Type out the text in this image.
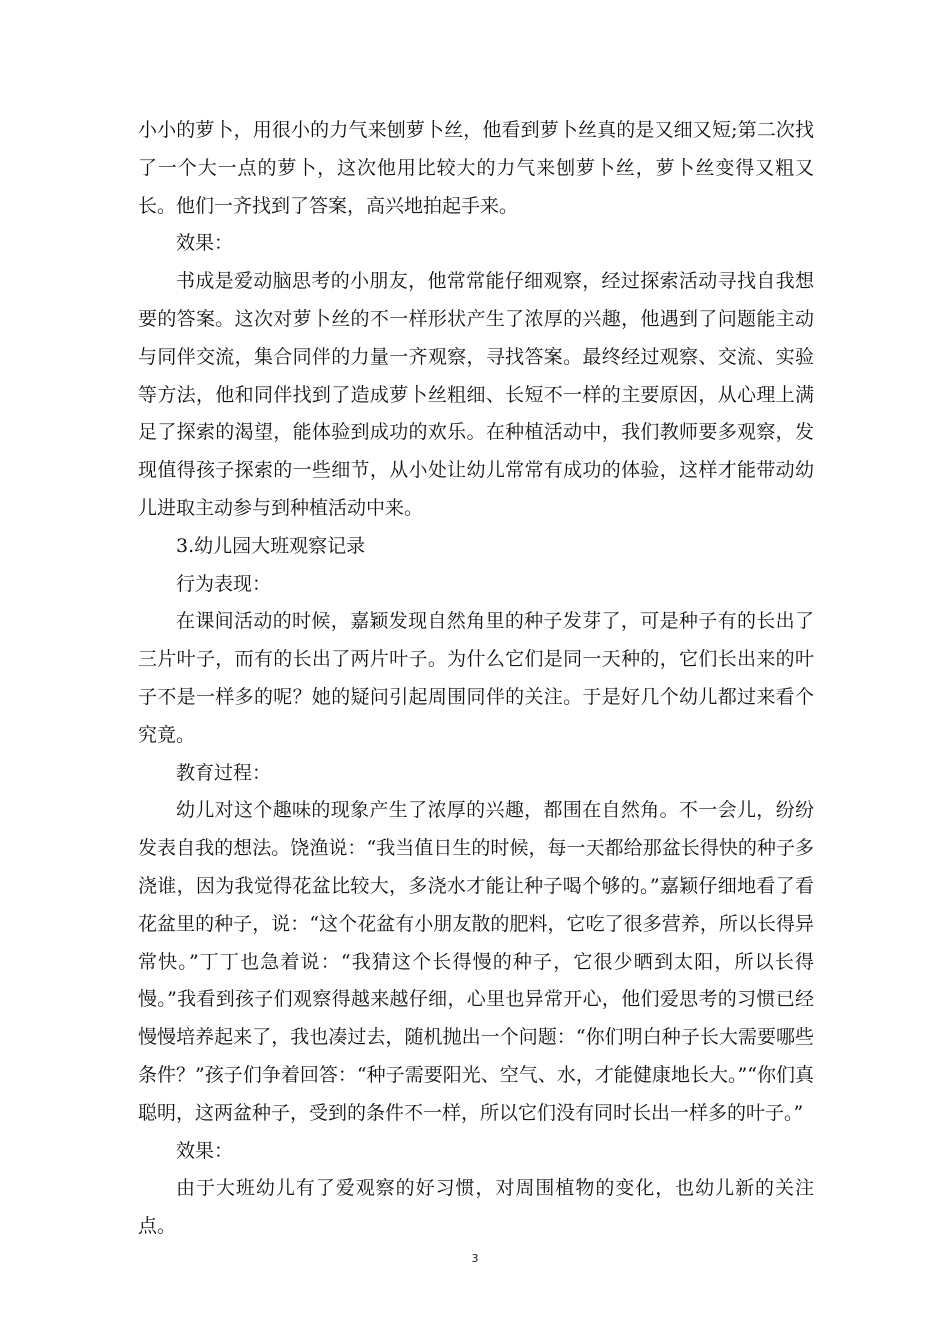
小小的萝卜，用很小的力气来刨萝卜丝，他看到萝卜丝真的是又细又短;第二次找了一个大一点的萝卜，这次他用比较大的力气来刨萝卜丝，萝卜丝变得又粗又长。他们一齐找到了答案，高兴地拍起手来。

效果：

书成是爱动脑思考的小朋友，他常常能仔细观察，经过探索活动寻找自我想要的答案。这次对萝卜丝的不一样形状产生了浓厚的兴趣，他遇到了问题能主动与同伴交流，集合同伴的力量一齐观察，寻找答案。最终经过观察、交流、实验等方法，他和同伴找到了造成萝卜丝粗细、长短不一样的主要原因，从心理上满足了探索的渴望，能体验到成功的欢乐。在种植活动中，我们教师要多观察，发现值得孩子探索的一些细节，从小处让幼儿常常有成功的体验，这样才能带动幼儿进取主动参与到种植活动中来。

3.幼儿园大班观察记录

行为表现：

在课间活动的时候，嘉颖发现自然角里的种子发芽了，可是种子有的长出了三片叶子，而有的长出了两片叶子。为什么它们是同一天种的，它们长出来的叶子不是一样多的呢？她的疑问引起周围同伴的关注。于是好几个幼儿都过来看个究竟。

教育过程：

幼儿对这个趣味的现象产生了浓厚的兴趣，都围在自然角。不一会儿，纷纷发表自我的想法。饶渔说：“我当值日生的时候，每一天都给那盆长得快的种子多浇谁，因为我觉得花盆比较大，多浇水才能让种子喝个够的。”嘉颖仔细地看了看花盆里的种子，说：“这个花盆有小朋友散的肥料，它吃了很多营养，所以长得异常快。”丁丁也急着说：“我猜这个长得慢的种子，它很少晒到太阳，所以长得慢。”我看到孩子们观察得越来越仔细，心里也异常开心，他们爱思考的习惯已经慢慢培养起来了，我也凑过去，随机抛出一个问题：“你们明白种子长大需要哪些条件？”孩子们争着回答：“种子需要阳光、空气、水，才能健康地长大。”“你们真聪明，这两盆种子，受到的条件不一样，所以它们没有同时长出一样多的叶子。”

效果：

由于大班幼儿有了爱观察的好习惯，对周围植物的变化，也幼儿新的关注点。

3
